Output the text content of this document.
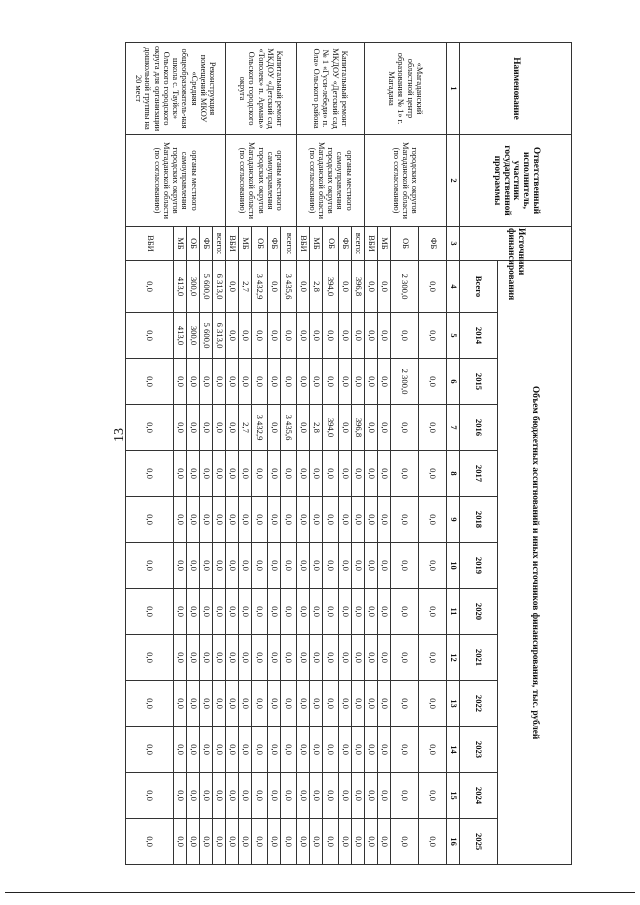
13
Наименование	Ответственный исполнитель, участник государственной программы	Источники финансирования	Объем бюджетных ассигнований и иных источников финансирования, тыс. рублей												
			Всего	2014	2015	2016	2017	2018	2019	2020	2021	2022	2023	2024	2025
1	2	3	4	5	6	7	8	9	10	11	12	13	14	15	16
«Магаданский областной центр образования № 1» г. Магадана	городских округов Магаданской области (по согласованию)	ФБ	0,0	0,0	0,0	0,0	0,0	0,0	0,0	0,0	0,0	0,0	0,0	0,0	0,0
		ОБ	2 300,0	0,0	2 300,0	0,0	0,0	0,0	0,0	0,0	0,0	0,0	0,0	0,0	0,0
		МБ	0,0	0,0	0,0	0,0	0,0	0,0	0,0	0,0	0,0	0,0	0,0	0,0	0,0
		ВБИ	0,0	0,0	0,0	0,0	0,0	0,0	0,0	0,0	0,0	0,0	0,0	0,0	0,0
Капитальный ремонт МКДОУ «Детский сад № 1 «Гуси-лебеди» п. Ола» Ольского района	органы местного самоуправления городских округов Магаданской области (по согласованию)	всего:	396,8	0,0	0,0	396,8	0,0	0,0	0,0	0,0	0,0	0,0	0,0	0,0	0,0
		ФБ	0,0	0,0	0,0	0,0	0,0	0,0	0,0	0,0	0,0	0,0	0,0	0,0	0,0
		ОБ	394,0	0,0	0,0	394,0	0,0	0,0	0,0	0,0	0,0	0,0	0,0	0,0	0,0
		МБ	2,8	0,0	0,0	2,8	0,0	0,0	0,0	0,0	0,0	0,0	0,0	0,0	0,0
		ВБИ	0,0	0,0	0,0	0,0	0,0	0,0	0,0	0,0	0,0	0,0	0,0	0,0	0,0
Капитальный ремонт МКДОУ «Детский сад «Тополек» п. Армань» Ольского городского округа	органы местного самоуправления городских округов Магаданской области (по согласованию)	всего:	3 435,6	0,0	0,0	3 435,6	0,0	0,0	0,0	0,0	0,0	0,0	0,0	0,0	0,0
		ФБ	0,0	0,0	0,0	0,0	0,0	0,0	0,0	0,0	0,0	0,0	0,0	0,0	0,0
		ОБ	3 432,9	0,0	0,0	3 432,9	0,0	0,0	0,0	0,0	0,0	0,0	0,0	0,0	0,0
		МБ	2,7	0,0	0,0	2,7	0,0	0,0	0,0	0,0	0,0	0,0	0,0	0,0	0,0
		ВБИ	0,0	0,0	0,0	0,0	0,0	0,0	0,0	0,0	0,0	0,0	0,0	0,0	0,0
Реконструкция помещений МКОУ «Средняя общеобразователь-ная школа с. Тауйск» Ольского городского округа для организации дошкольной группы на 20 мест	органы местного самоуправления городских округов Магаданской области (по согласованию)	всего:	6 313,0	6 313,0	0,0	0,0	0,0	0,0	0,0	0,0	0,0	0,0	0,0	0,0	0,0
		ФБ	5 600,0	5 600,0	0,0	0,0	0,0	0,0	0,0	0,0	0,0	0,0	0,0	0,0	0,0
		ОБ	300,0	300,0	0,0	0,0	0,0	0,0	0,0	0,0	0,0	0,0	0,0	0,0	0,0
		МБ	413,0	413,0	0,0	0,0	0,0	0,0	0,0	0,0	0,0	0,0	0,0	0,0	0,0
		ВБИ	0,0	0,0	0,0	0,0	0,0	0,0	0,0	0,0	0,0	0,0	0,0	0,0	0,0
